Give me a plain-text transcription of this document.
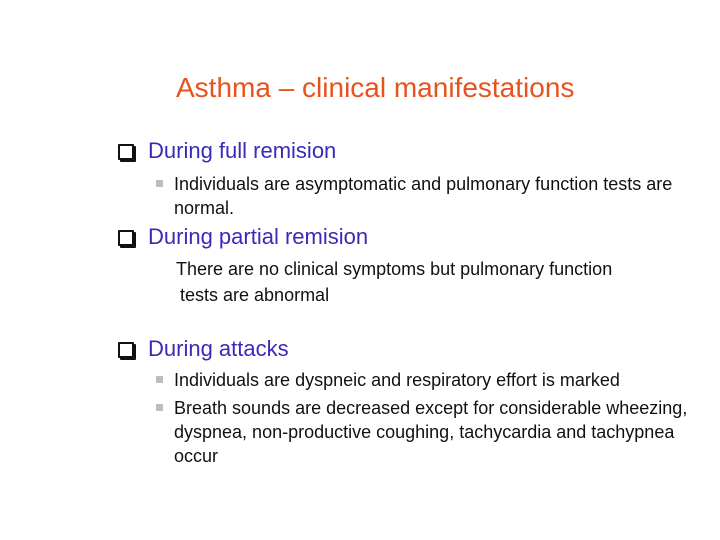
Asthma – clinical manifestations
During full remision
Individuals are asymptomatic and pulmonary function tests are normal.
During partial remision
There are no clinical symptoms but pulmonary function
tests are abnormal
During attacks
Individuals are dyspneic and respiratory effort is marked
Breath sounds are decreased except for considerable wheezing, dyspnea, non-productive coughing, tachycardia and tachypnea occur
